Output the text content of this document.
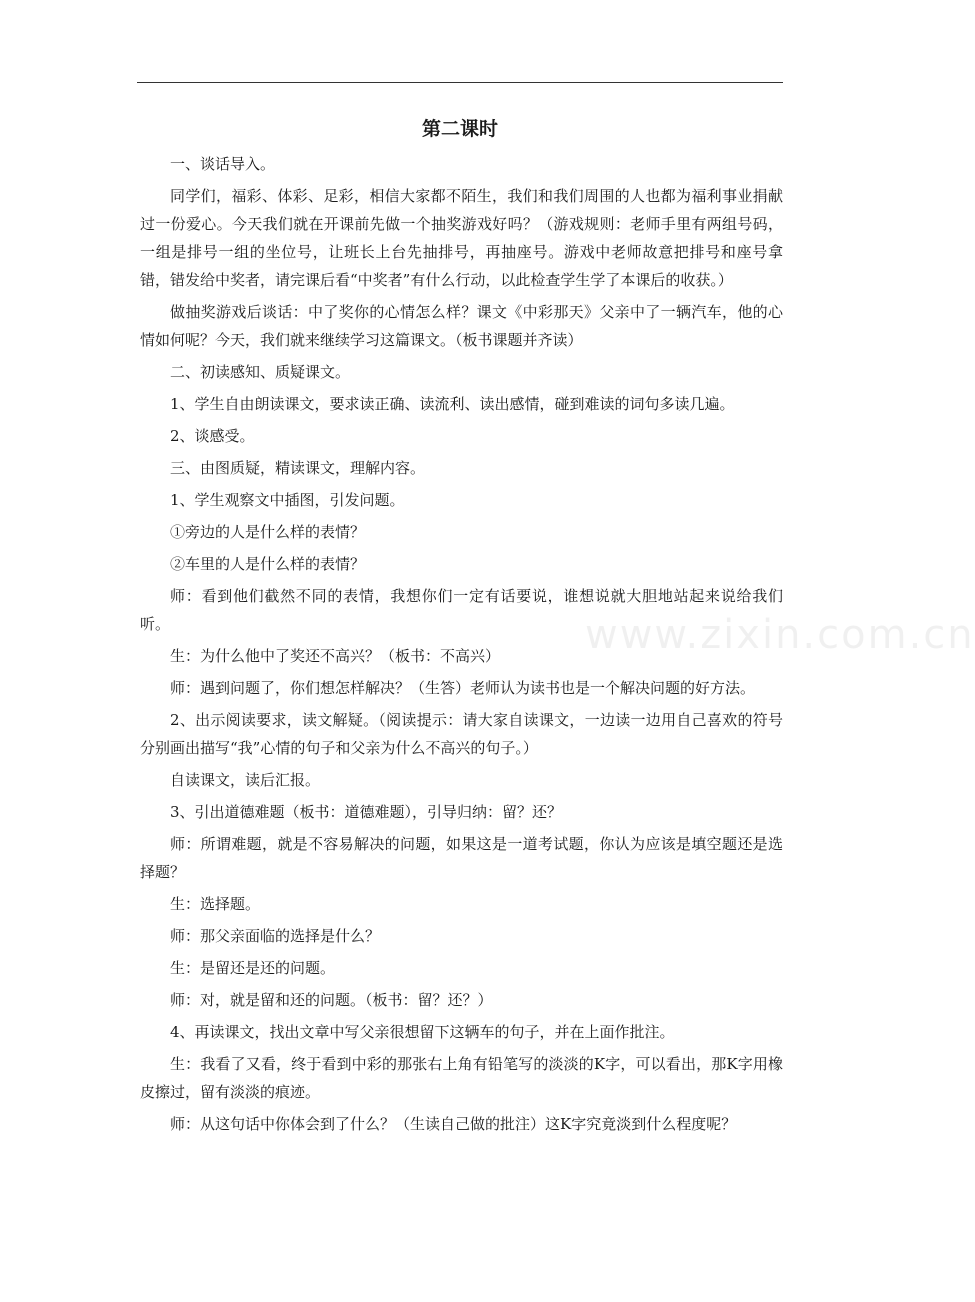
www.zixin.com.cn
第二课时

一、谈话导入。

同学们，福彩、体彩、足彩，相信大家都不陌生，我们和我们周围的人也都为福利事业捐献过一份爱心。今天我们就在开课前先做一个抽奖游戏好吗？（游戏规则：老师手里有两组号码，一组是排号一组的坐位号，让班长上台先抽排号，再抽座号。游戏中老师故意把排号和座号拿错，错发给中奖者，请完课后看“中奖者”有什么行动，以此检查学生学了本课后的收获。）

做抽奖游戏后谈话：中了奖你的心情怎么样？课文《中彩那天》父亲中了一辆汽车，他的心情如何呢？今天，我们就来继续学习这篇课文。（板书课题并齐读）

二、初读感知、质疑课文。

1、学生自由朗读课文，要求读正确、读流利、读出感情，碰到难读的词句多读几遍。

2、谈感受。

三、由图质疑，精读课文，理解内容。

1、学生观察文中插图，引发问题。

①旁边的人是什么样的表情？

②车里的人是什么样的表情？

师：看到他们截然不同的表情，我想你们一定有话要说，谁想说就大胆地站起来说给我们听。

生：为什么他中了奖还不高兴？（板书：不高兴）

师：遇到问题了，你们想怎样解决？（生答）老师认为读书也是一个解决问题的好方法。

2、出示阅读要求，读文解疑。（阅读提示：请大家自读课文，一边读一边用自己喜欢的符号分别画出描写“我”心情的句子和父亲为什么不高兴的句子。）

自读课文，读后汇报。

3、引出道德难题（板书：道德难题），引导归纳：留？还？

师：所谓难题，就是不容易解决的问题，如果这是一道考试题，你认为应该是填空题还是选择题？

生：选择题。

师：那父亲面临的选择是什么？

生：是留还是还的问题。

师：对，就是留和还的问题。（板书：留？还？）

4、再读课文，找出文章中写父亲很想留下这辆车的句子，并在上面作批注。

生：我看了又看，终于看到中彩的那张右上角有铅笔写的淡淡的K字，可以看出，那K字用橡皮擦过，留有淡淡的痕迹。

师：从这句话中你体会到了什么？（生读自己做的批注）这K字究竟淡到什么程度呢？
